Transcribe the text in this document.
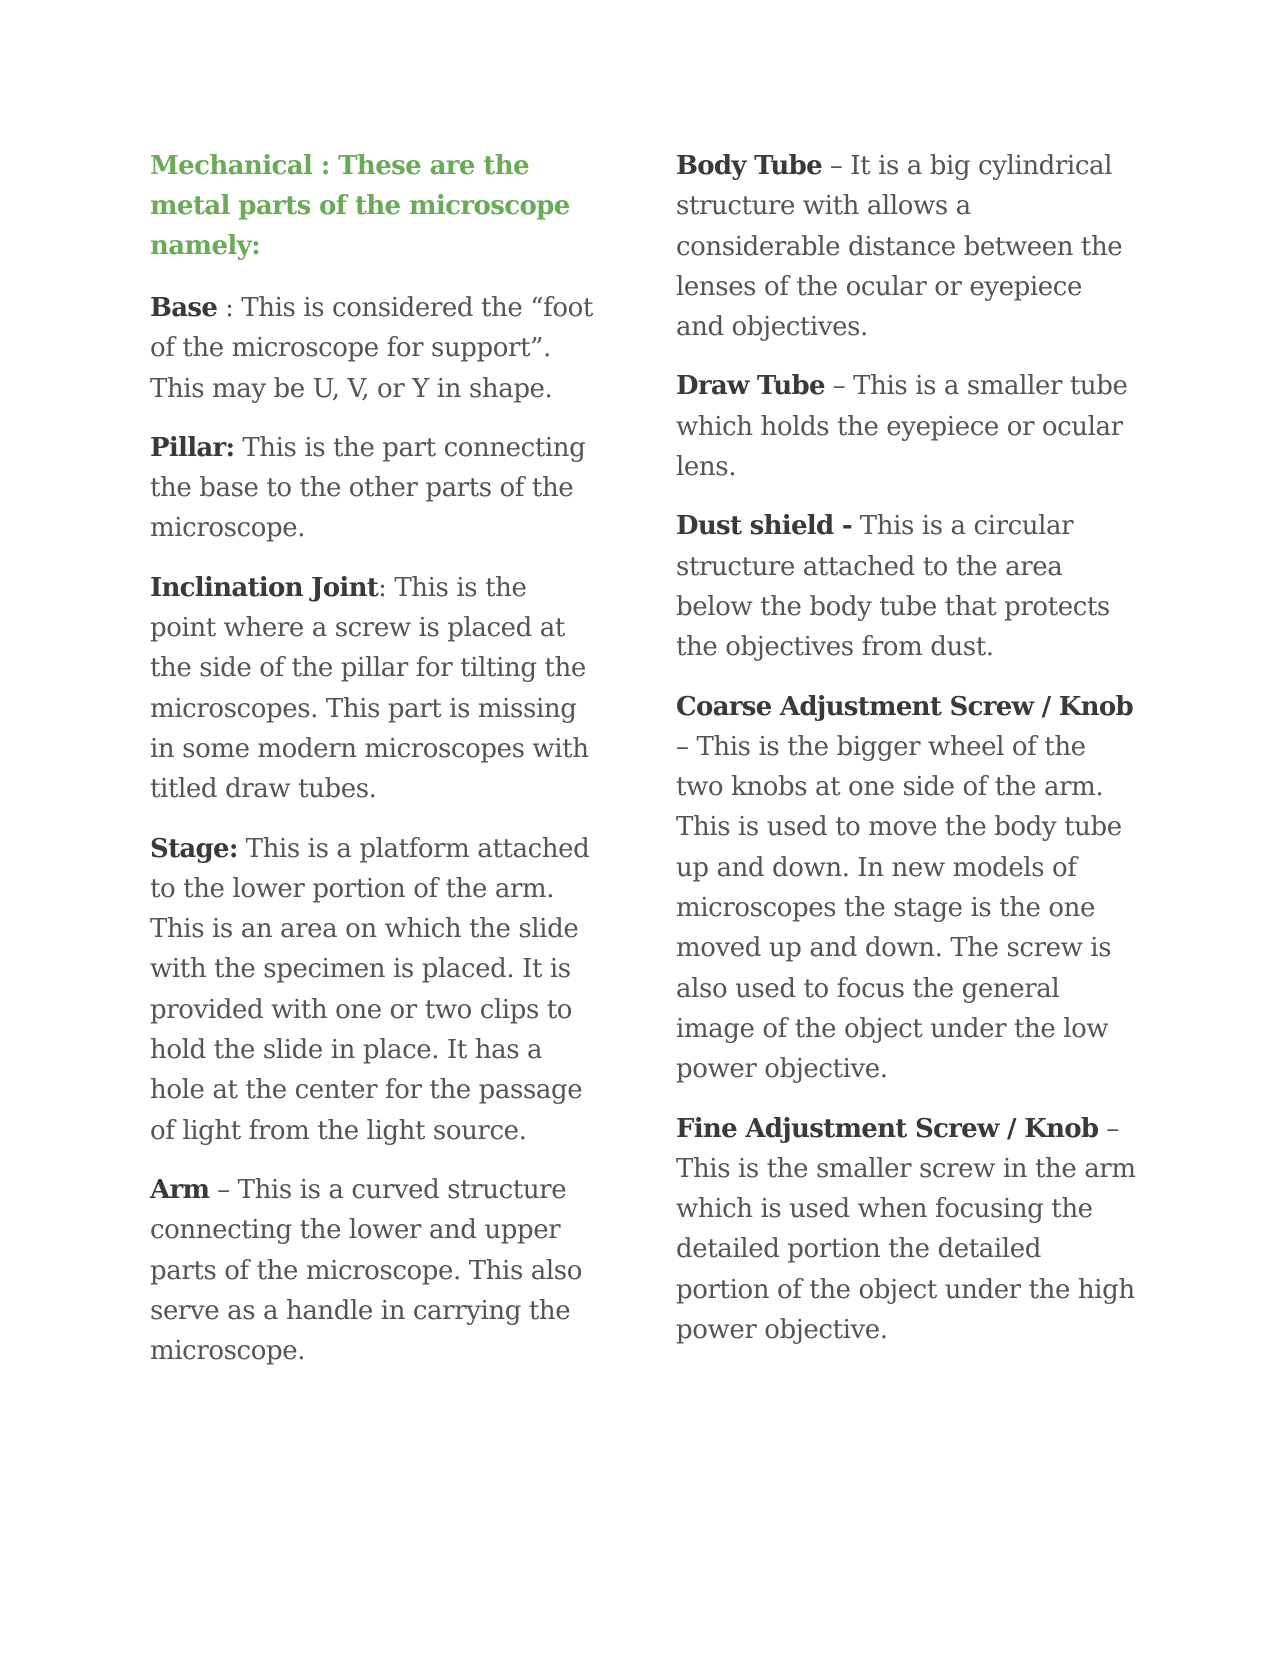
Mechanical : These are the metal parts of the microscope namely:

Base : This is considered the “foot of the microscope for support”. This may be U, V, or Y in shape.

Pillar: This is the part connecting the base to the other parts of the microscope.

Inclination Joint: This is the point where a screw is placed at the side of the pillar for tilting the microscopes. This part is missing in some modern microscopes with titled draw tubes.

Stage: This is a platform attached to the lower portion of the arm. This is an area on which the slide with the specimen is placed. It is provided with one or two clips to hold the slide in place. It has a hole at the center for the passage of light from the light source.

Arm – This is a curved structure connecting the lower and upper parts of the microscope. This also serve as a handle in carrying the microscope.

Body Tube – It is a big cylindrical structure with allows a considerable distance between the lenses of the ocular or eyepiece and objectives.

Draw Tube – This is a smaller tube which holds the eyepiece or ocular lens.

Dust shield - This is a circular structure attached to the area below the body tube that protects the objectives from dust.

Coarse Adjustment Screw / Knob – This is the bigger wheel of the two knobs at one side of the arm. This is used to move the body tube up and down. In new models of microscopes the stage is the one moved up and down. The screw is also used to focus the general image of the object under the low power objective.

Fine Adjustment Screw / Knob – This is the smaller screw in the arm which is used when focusing the detailed portion the detailed portion of the object under the high power objective.
